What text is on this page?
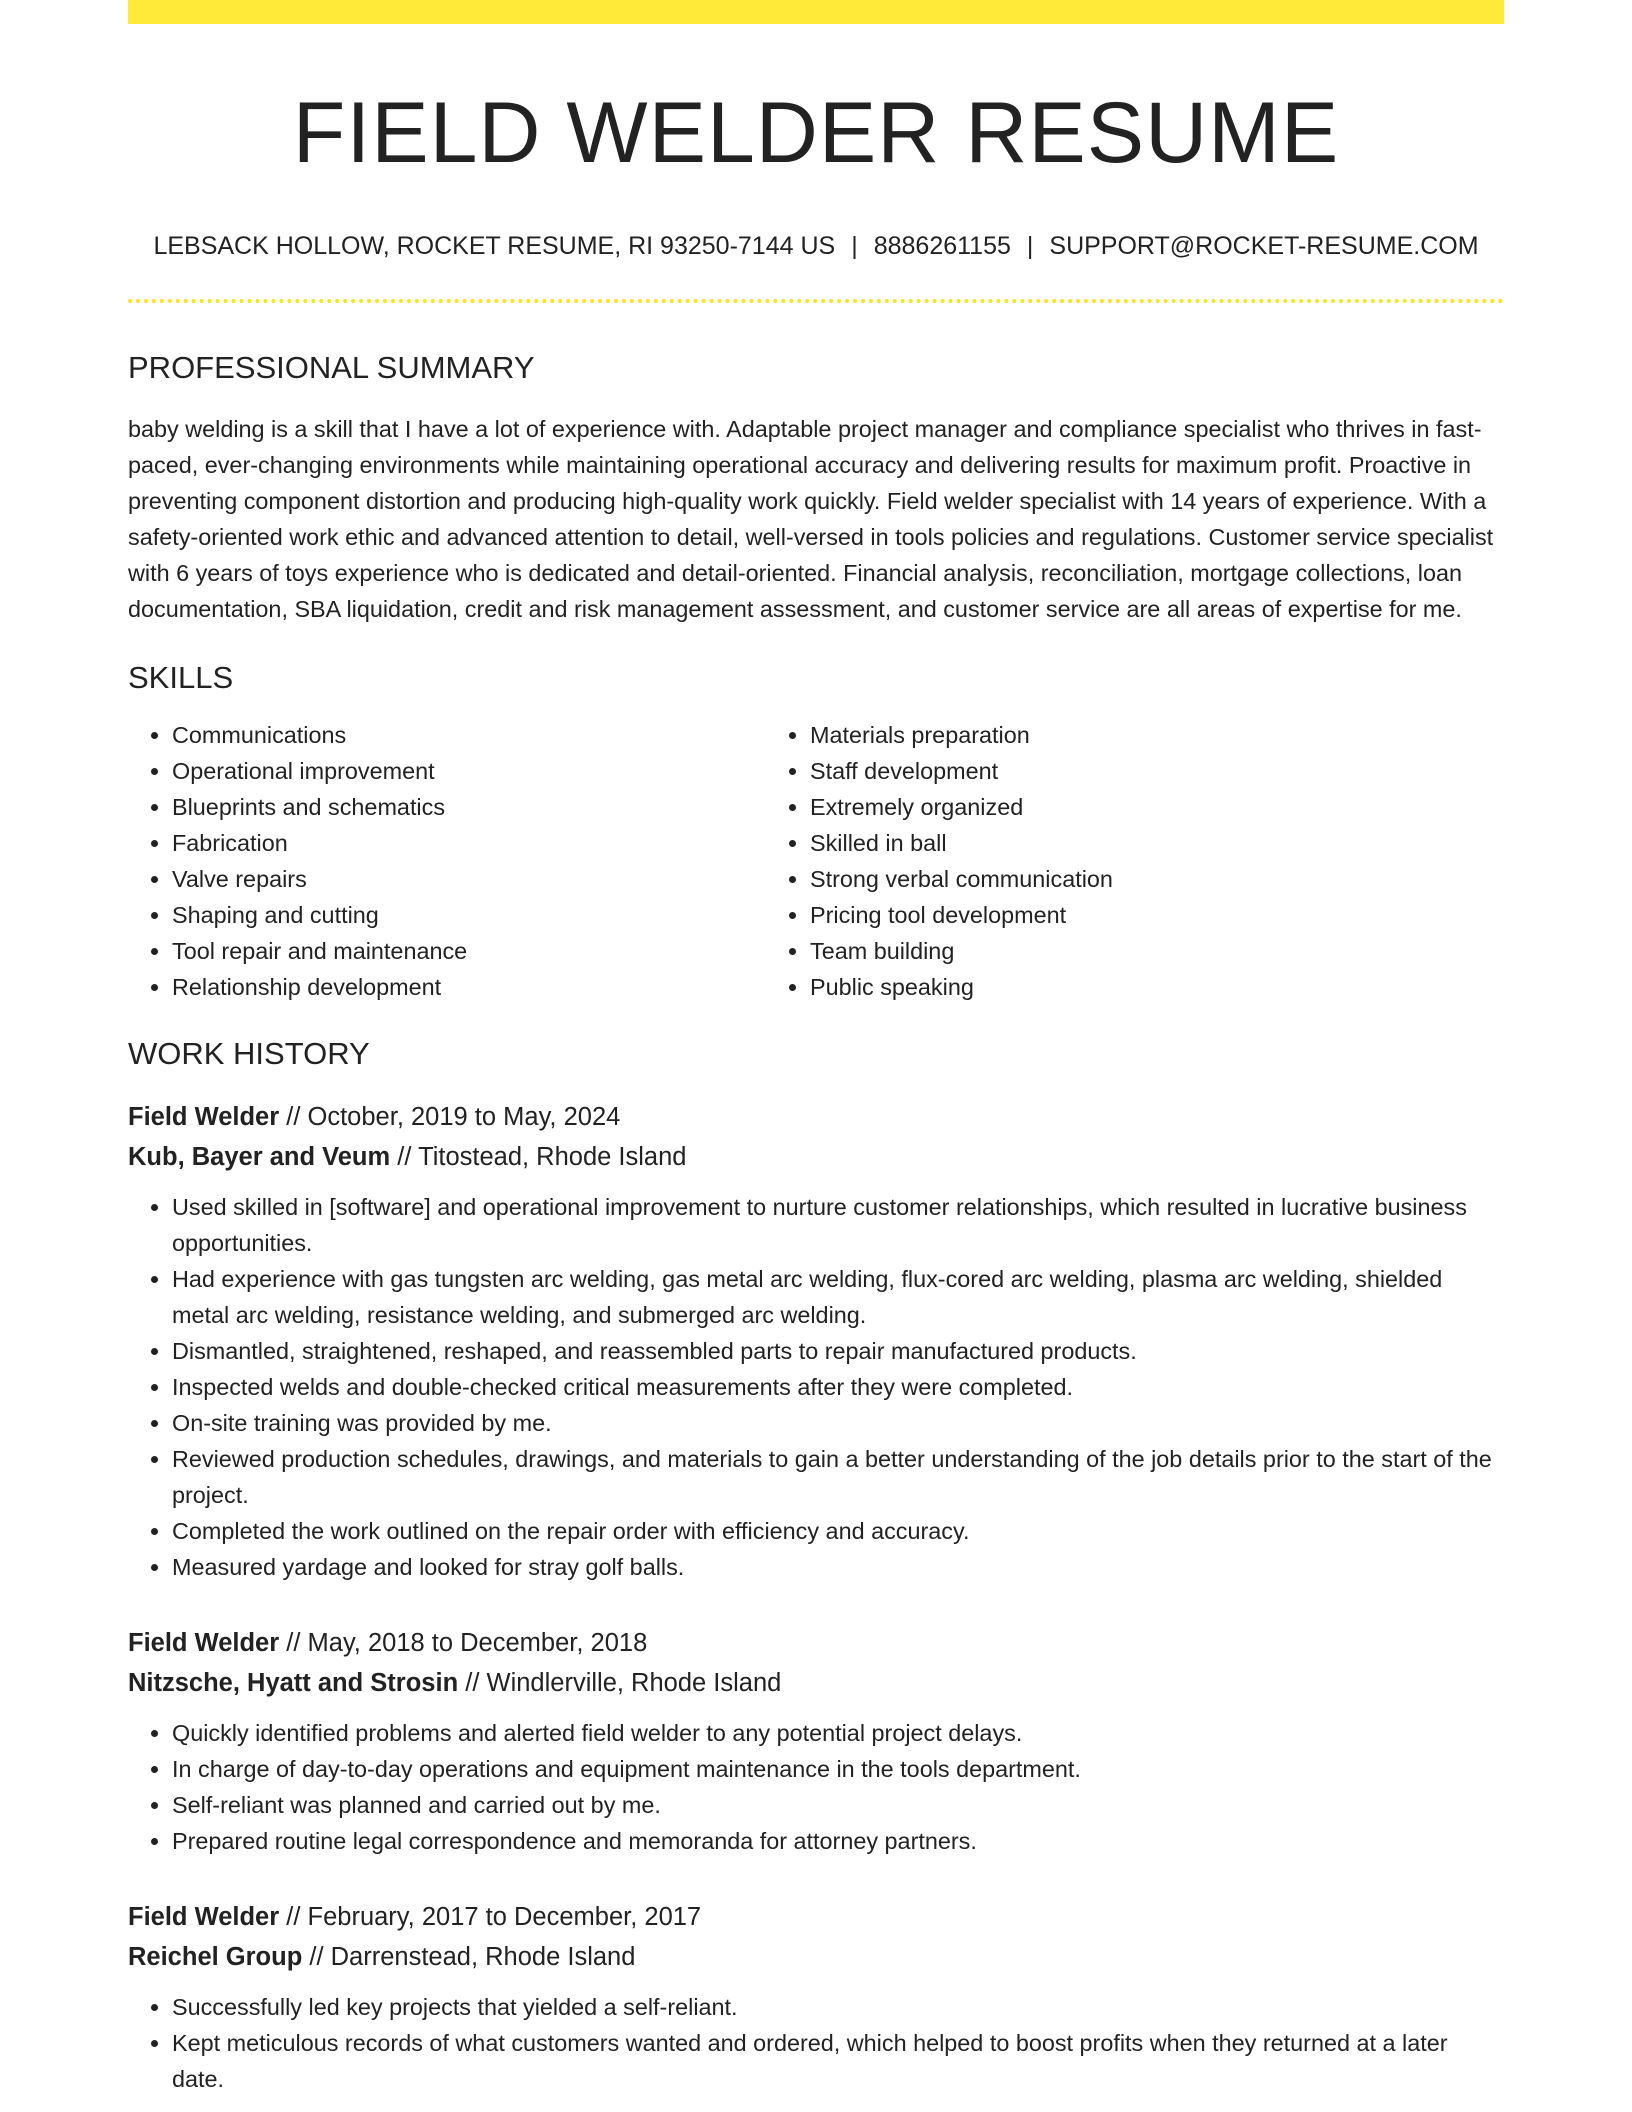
FIELD WELDER RESUME
LEBSACK HOLLOW, ROCKET RESUME, RI 93250-7144 US | 8886261155 | SUPPORT@ROCKET-RESUME.COM
PROFESSIONAL SUMMARY
baby welding is a skill that I have a lot of experience with. Adaptable project manager and compliance specialist who thrives in fast-paced, ever-changing environments while maintaining operational accuracy and delivering results for maximum profit. Proactive in preventing component distortion and producing high-quality work quickly. Field welder specialist with 14 years of experience. With a safety-oriented work ethic and advanced attention to detail, well-versed in tools policies and regulations. Customer service specialist with 6 years of toys experience who is dedicated and detail-oriented. Financial analysis, reconciliation, mortgage collections, loan documentation, SBA liquidation, credit and risk management assessment, and customer service are all areas of expertise for me.
SKILLS
• Communications
• Operational improvement
• Blueprints and schematics
• Fabrication
• Valve repairs
• Shaping and cutting
• Tool repair and maintenance
• Relationship development
• Materials preparation
• Staff development
• Extremely organized
• Skilled in ball
• Strong verbal communication
• Pricing tool development
• Team building
• Public speaking
WORK HISTORY
Field Welder // October, 2019 to May, 2024
Kub, Bayer and Veum // Titostead, Rhode Island
• Used skilled in [software] and operational improvement to nurture customer relationships, which resulted in lucrative business opportunities.
• Had experience with gas tungsten arc welding, gas metal arc welding, flux-cored arc welding, plasma arc welding, shielded metal arc welding, resistance welding, and submerged arc welding.
• Dismantled, straightened, reshaped, and reassembled parts to repair manufactured products.
• Inspected welds and double-checked critical measurements after they were completed.
• On-site training was provided by me.
• Reviewed production schedules, drawings, and materials to gain a better understanding of the job details prior to the start of the project.
• Completed the work outlined on the repair order with efficiency and accuracy.
• Measured yardage and looked for stray golf balls.
Field Welder // May, 2018 to December, 2018
Nitzsche, Hyatt and Strosin // Windlerville, Rhode Island
• Quickly identified problems and alerted field welder to any potential project delays.
• In charge of day-to-day operations and equipment maintenance in the tools department.
• Self-reliant was planned and carried out by me.
• Prepared routine legal correspondence and memoranda for attorney partners.
Field Welder // February, 2017 to December, 2017
Reichel Group // Darrenstead, Rhode Island
• Successfully led key projects that yielded a self-reliant.
• Kept meticulous records of what customers wanted and ordered, which helped to boost profits when they returned at a later date.
